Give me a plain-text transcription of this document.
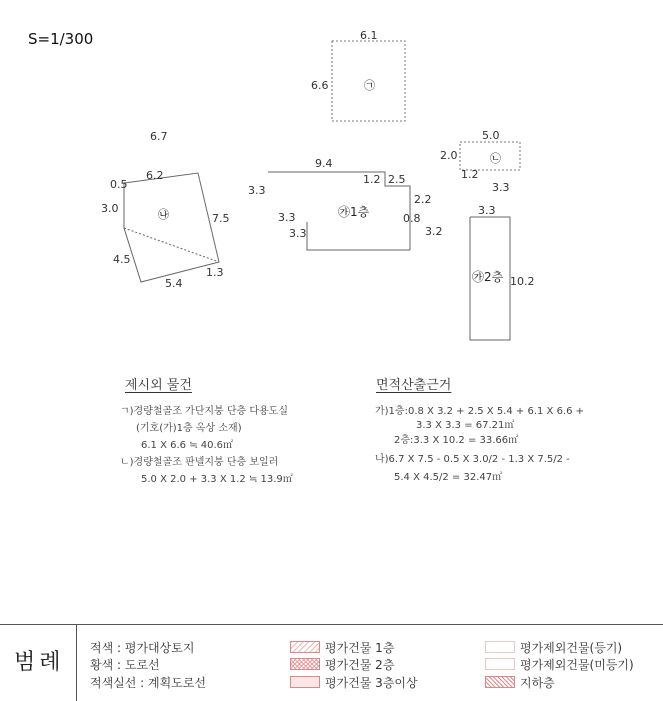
S=1/300	6.1
6.6	㉠
5.0
2.0
1.2
3.3
㉡
6.7
6.2
0.5
3.0
7.5
4.5
5.4
1.3
㉯
9.4
1.2 2.5
3.3
2.2
3.3
3.3
0.8
3.2
㉮1층	3.3
10.2
㉮2층
제시외 물건
ㄱ)경량철골조 가단지붕 단층 다용도실
(기호(가)1층 옥상 소재)
6.1 X 6.6 ≒ 40.6㎡
ㄴ)경량철골조 판넬지붕 단층 보일러
5.0 X 2.0 + 3.3 X 1.2 ≒ 13.9㎡
면적산출근거
가)1층:0.8 X 3.2 + 2.5 X 5.4 + 6.1 X 6.6 +
3.3 X 3.3 = 67.21㎡
2층:3.3 X 10.2 = 33.66㎡
나)6.7 X 7.5 - 0.5 X 3.0/2 - 1.3 X 7.5/2 -
5.4 X 4.5/2 = 32.47㎡
범례
적색 : 평가대상토지
황색 : 도로선
적색실선 : 계획도로선
평가건물 1층
평가건물 2층
평가건물 3층이상
평가제외건물(등기)
평가제외건물(미등기)
지하층
